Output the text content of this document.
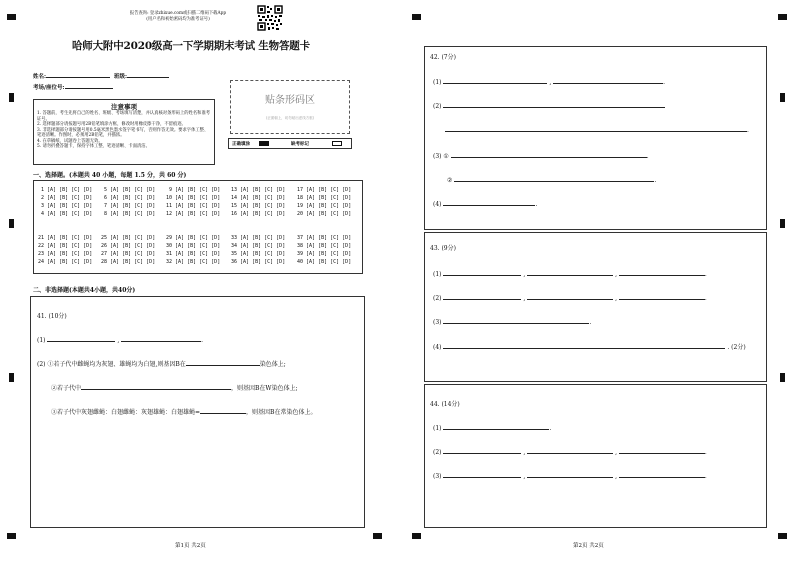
报告查询: 登录zhixue.com或扫描二维码下载App
(用户名和初始密码均为准考证号)
哈师大附中2020级高一下学期期末考试 生物答题卡
姓名:	班级:
考场/座位号:
贴条形码区
(正面朝上，切勿贴出虚线方框)
注意事项
1. 答题前，考生先将自己的姓名、班级、考场填写清楚，并认真核对条形码上的姓名和准考证号。
2. 选择题部分请按题号用2B铅笔填涂方框，修改时用橡皮擦干净，不留痕迹。
3. 非选择题部分请按题号用0.5毫米黑色墨水签字笔书写，否则作答无效。要求字体工整、笔迹清晰。作图时，必须用2B铅笔，并描浓。
4. 在草稿纸、试题卷上答题无效。
5. 请勿折叠答题卡，保持字体工整、笔迹清晰、卡面清洁。	正确填涂	缺考标记
一、选择题。(本题共 40 小题，每题 1.5 分，共 60 分)
1 [A] [B] [C] [D]
2 [A] [B] [C] [D]
3 [A] [B] [C] [D]
4 [A] [B] [C] [D]
5 [A] [B] [C] [D]
6 [A] [B] [C] [D]
7 [A] [B] [C] [D]
8 [A] [B] [C] [D]
9 [A] [B] [C] [D]
10 [A] [B] [C] [D]
11 [A] [B] [C] [D]
12 [A] [B] [C] [D]
13 [A] [B] [C] [D]
14 [A] [B] [C] [D]
15 [A] [B] [C] [D]
16 [A] [B] [C] [D]
17 [A] [B] [C] [D]
18 [A] [B] [C] [D]
19 [A] [B] [C] [D]
20 [A] [B] [C] [D]
21 [A] [B] [C] [D]
22 [A] [B] [C] [D]
23 [A] [B] [C] [D]
24 [A] [B] [C] [D]
25 [A] [B] [C] [D]
26 [A] [B] [C] [D]
27 [A] [B] [C] [D]
28 [A] [B] [C] [D]
29 [A] [B] [C] [D]
30 [A] [B] [C] [D]
31 [A] [B] [C] [D]
32 [A] [B] [C] [D]
33 [A] [B] [C] [D]
34 [A] [B] [C] [D]
35 [A] [B] [C] [D]
36 [A] [B] [C] [D]
37 [A] [B] [C] [D]
38 [A] [B] [C] [D]
39 [A] [B] [C] [D]
40 [A] [B] [C] [D]
二、非选择题(本题共4小题，共40分)
41. (10分)
(1)	,	.
(2) ①若子代中雌蝇均为灰翅、雄蝇均为白翅,则基因B在	染色体上;
②若子代中	，则基因B在W染色体上;
③若子代中灰翅雌蝇：白翅雌蝇：灰翅雄蝇：白翅雄蝇=	，则基因B在常染色体上。
第1页 共2页
42. (7分)
(1)	,	.
(2)
.
(3) ①	.
②	.
(4)	.
43. (9分)
(1)	,	,	.
(2)	,	,	.
(3)	.
(4)	. (2分)
44. (14分)
(1)	.
(2)	,	,	.
(3)	,	,	.
第2页 共2页
